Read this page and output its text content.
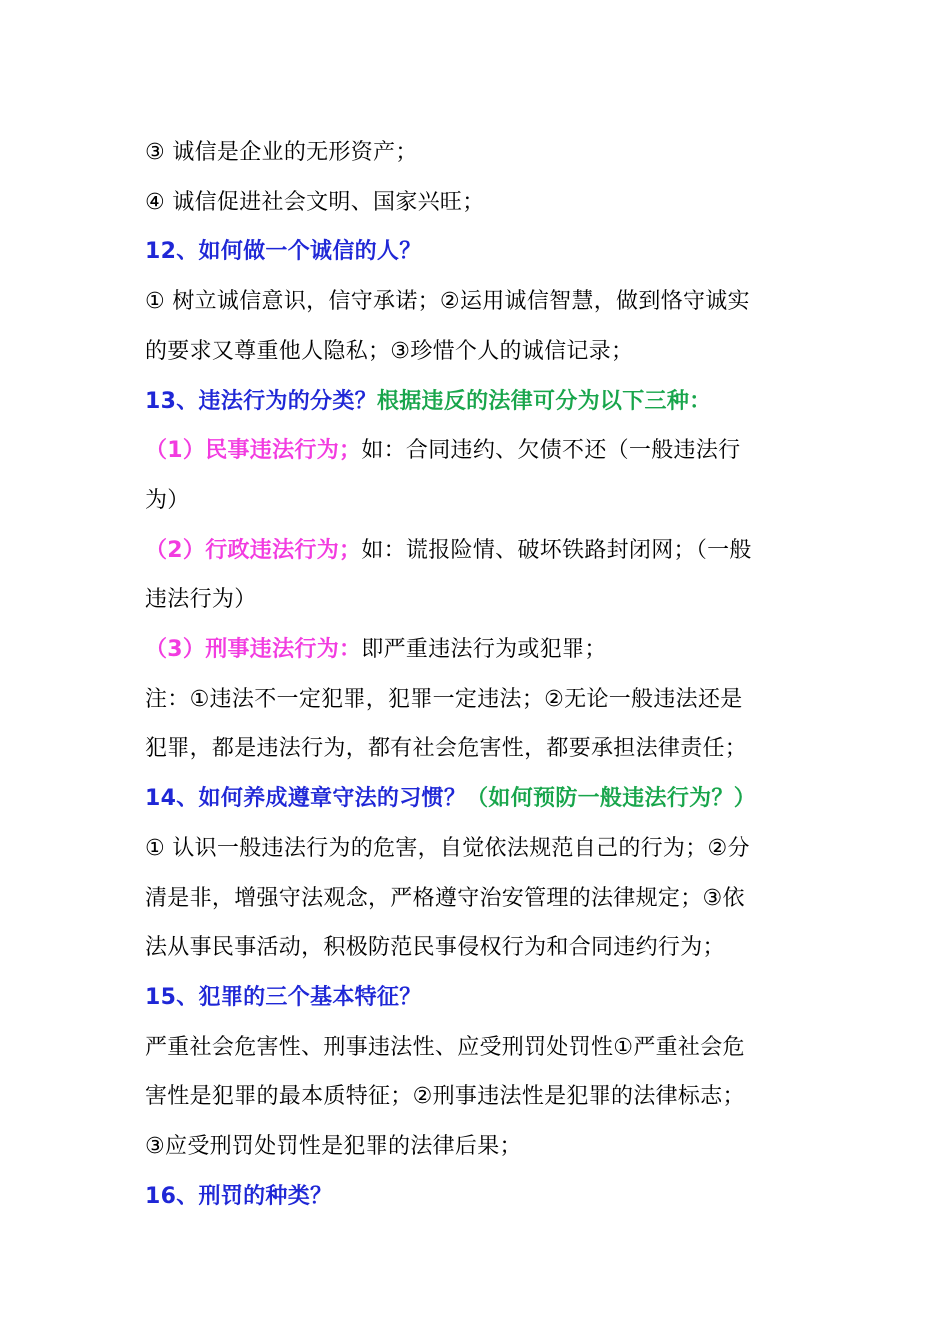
③ 诚信是企业的无形资产；
④ 诚信促进社会文明、国家兴旺；
12、如何做一个诚信的人？
① 树立诚信意识，信守承诺；②运用诚信智慧，做到恪守诚实
的要求又尊重他人隐私；③珍惜个人的诚信记录；
13、违法行为的分类？根据违反的法律可分为以下三种：
（1）民事违法行为；如：合同违约、欠债不还（一般违法行
为）
（2）行政违法行为；如：谎报险情、破坏铁路封闭网；（一般
违法行为）
（3）刑事违法行为：即严重违法行为或犯罪；
注：①违法不一定犯罪，犯罪一定违法；②无论一般违法还是
犯罪，都是违法行为，都有社会危害性，都要承担法律责任；
14、如何养成遵章守法的习惯？（如何预防一般违法行为？）
① 认识一般违法行为的危害，自觉依法规范自己的行为；②分
清是非，增强守法观念，严格遵守治安管理的法律规定；③依
法从事民事活动，积极防范民事侵权行为和合同违约行为；
15、犯罪的三个基本特征？
严重社会危害性、刑事违法性、应受刑罚处罚性①严重社会危
害性是犯罪的最本质特征；②刑事违法性是犯罪的法律标志；
③应受刑罚处罚性是犯罪的法律后果；
16、刑罚的种类？
